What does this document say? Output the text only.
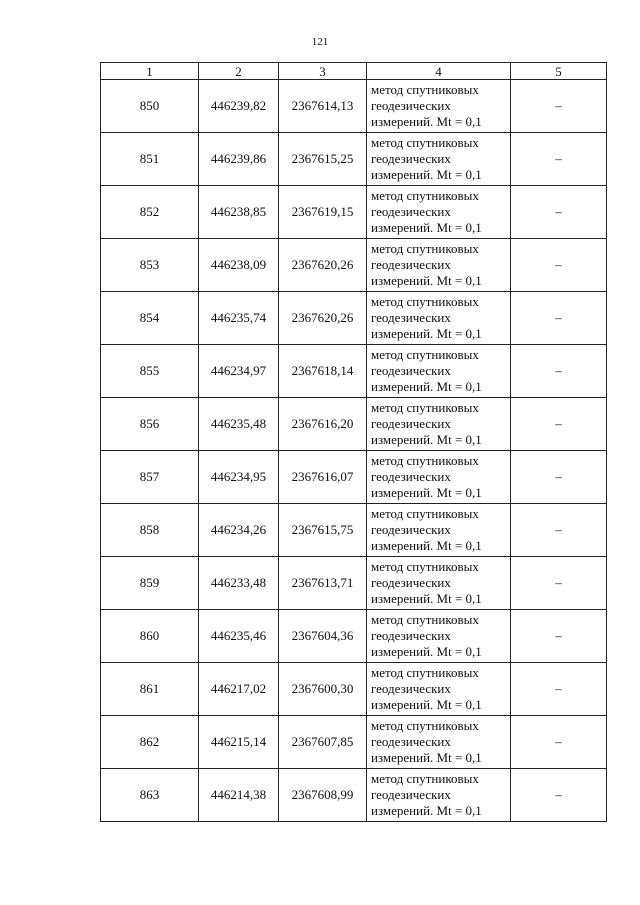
121
1	2	3	4	5
850	446239,82	2367614,13	метод спутниковых
геодезических
измерений. Mt = 0,1	–
851	446239,86	2367615,25	метод спутниковых
геодезических
измерений. Mt = 0,1	–
852	446238,85	2367619,15	метод спутниковых
геодезических
измерений. Mt = 0,1	–
853	446238,09	2367620,26	метод спутниковых
геодезических
измерений. Mt = 0,1	–
854	446235,74	2367620,26	метод спутниковых
геодезических
измерений. Mt = 0,1	–
855	446234,97	2367618,14	метод спутниковых
геодезических
измерений. Mt = 0,1	–
856	446235,48	2367616,20	метод спутниковых
геодезических
измерений. Mt = 0,1	–
857	446234,95	2367616,07	метод спутниковых
геодезических
измерений. Mt = 0,1	–
858	446234,26	2367615,75	метод спутниковых
геодезических
измерений. Mt = 0,1	–
859	446233,48	2367613,71	метод спутниковых
геодезических
измерений. Mt = 0,1	–
860	446235,46	2367604,36	метод спутниковых
геодезических
измерений. Mt = 0,1	–
861	446217,02	2367600,30	метод спутниковых
геодезических
измерений. Mt = 0,1	–
862	446215,14	2367607,85	метод спутниковых
геодезических
измерений. Mt = 0,1	–
863	446214,38	2367608,99	метод спутниковых
геодезических
измерений. Mt = 0,1	–
